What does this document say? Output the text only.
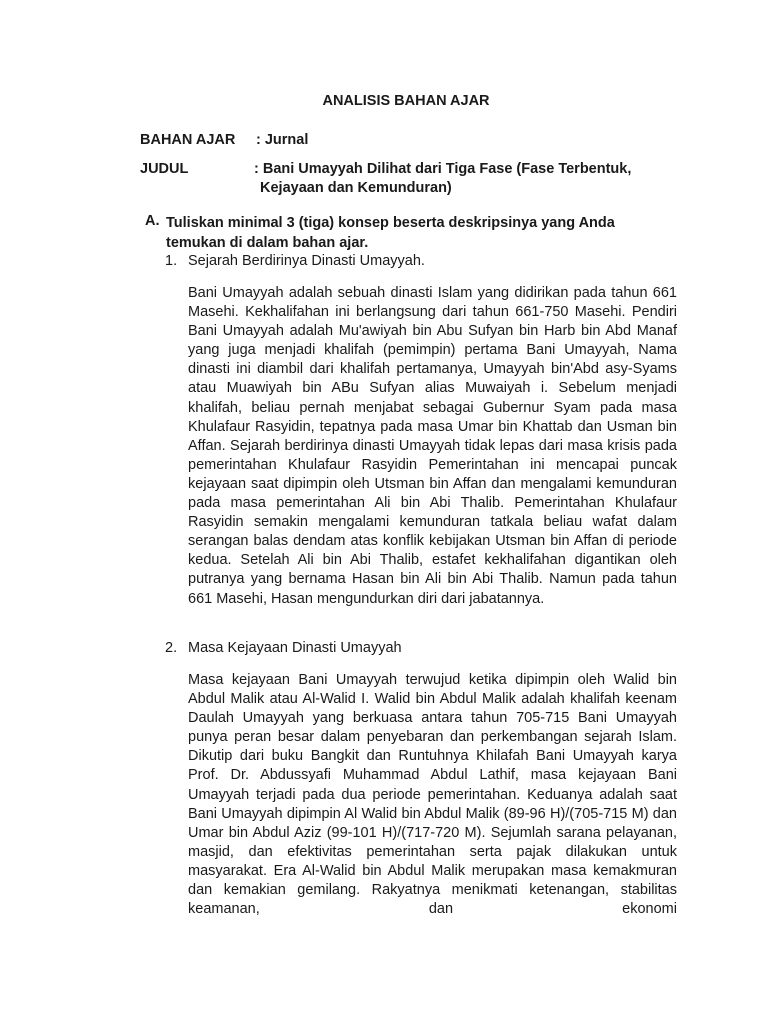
ANALISIS BAHAN AJAR
BAHAN AJAR : Jurnal
JUDUL	: Bani Umayyah Dilihat dari Tiga Fase (Fase Terbentuk,
Kejayaan dan Kemunduran)
A. Tuliskan minimal 3 (tiga) konsep beserta deskripsinya yang Anda temukan di dalam bahan ajar.
1. Sejarah Berdirinya Dinasti Umayyah.
Bani Umayyah adalah sebuah dinasti Islam yang didirikan pada tahun 661 Masehi. Kekhalifahan ini berlangsung dari tahun 661-750 Masehi. Pendiri Bani Umayyah adalah Mu'awiyah bin Abu Sufyan bin Harb bin Abd Manaf yang juga menjadi khalifah (pemimpin) pertama Bani Umayyah, Nama dinasti ini diambil dari khalifah pertamanya, Umayyah bin'Abd asy-Syams atau Muawiyah bin ABu Sufyan alias Muwaiyah i. Sebelum menjadi khalifah, beliau pernah menjabat sebagai Gubernur Syam pada masa Khulafaur Rasyidin, tepatnya pada masa Umar bin Khattab dan Usman bin Affan. Sejarah berdirinya dinasti Umayyah tidak lepas dari masa krisis pada pemerintahan Khulafaur Rasyidin Pemerintahan ini mencapai puncak kejayaan saat dipimpin oleh Utsman bin Affan dan mengalami kemunduran pada masa pemerintahan Ali bin Abi Thalib. Pemerintahan Khulafaur Rasyidin semakin mengalami kemunduran tatkala beliau wafat dalam serangan balas dendam atas konflik kebijakan Utsman bin Affan di periode kedua. Setelah Ali bin Abi Thalib, estafet kekhalifahan digantikan oleh putranya yang bernama Hasan bin Ali bin Abi Thalib. Namun pada tahun 661 Masehi, Hasan mengundurkan diri dari jabatannya.
2. Masa Kejayaan Dinasti Umayyah
Masa kejayaan Bani Umayyah terwujud ketika dipimpin oleh Walid bin Abdul Malik atau Al-Walid I. Walid bin Abdul Malik adalah khalifah keenam Daulah Umayyah yang berkuasa antara tahun 705-715 Bani Umayyah punya peran besar dalam penyebaran dan perkembangan sejarah Islam. Dikutip dari buku Bangkit dan Runtuhnya Khilafah Bani Umayyah karya Prof. Dr. Abdussyafi Muhammad Abdul Lathif, masa kejayaan Bani Umayyah terjadi pada dua periode pemerintahan. Keduanya adalah saat Bani Umayyah dipimpin Al Walid bin Abdul Malik (89-96 H)/(705-715 M) dan Umar bin Abdul Aziz (99-101 H)/(717-720 M). Sejumlah sarana pelayanan, masjid, dan efektivitas pemerintahan serta pajak dilakukan untuk masyarakat. Era Al-Walid bin Abdul Malik merupakan masa kemakmuran dan kemakian gemilang. Rakyatnya menikmati ketenangan, stabilitas keamanan, dan ekonomi
